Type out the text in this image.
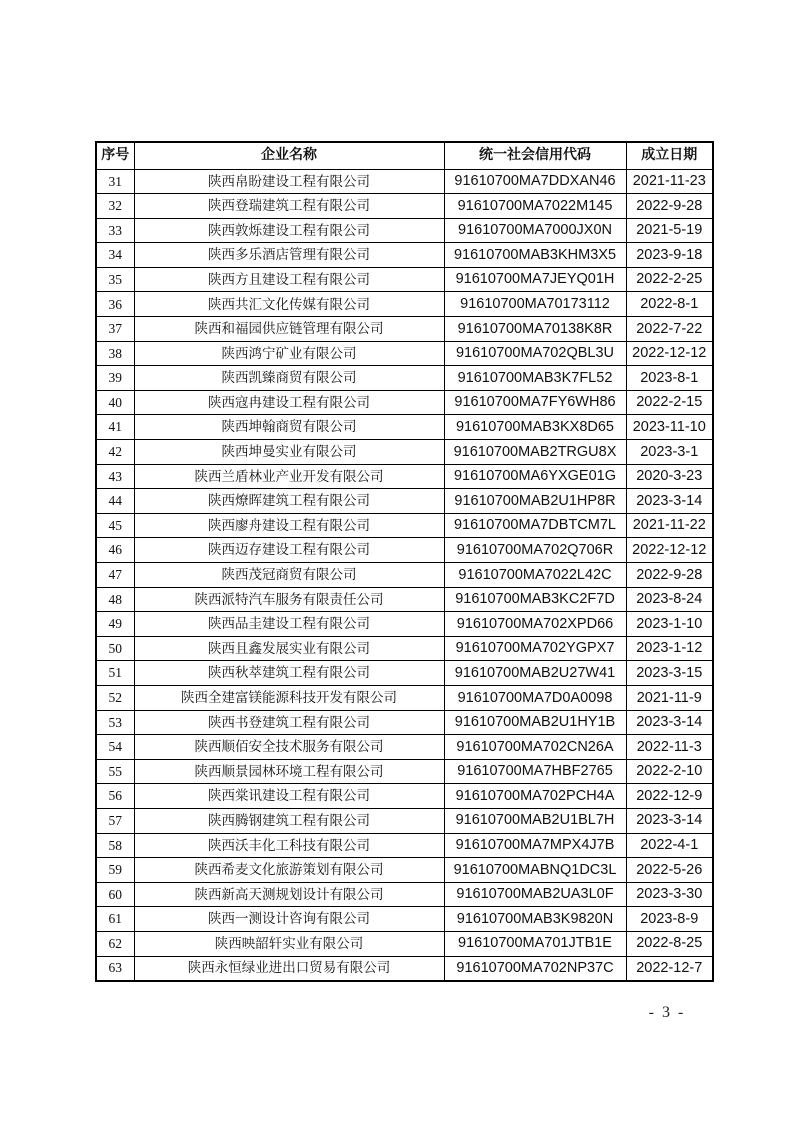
序号	企业名称	统一社会信用代码	成立日期
31	陕西帛盼建设工程有限公司	91610700MA7DDXAN46	2021-11-23
32	陕西登瑞建筑工程有限公司	91610700MA7022M145	2022-9-28
33	陕西敦烁建设工程有限公司	91610700MA7000JX0N	2021-5-19
34	陕西多乐酒店管理有限公司	91610700MAB3KHM3X5	2023-9-18
35	陕西方且建设工程有限公司	91610700MA7JEYQ01H	2022-2-25
36	陕西共汇文化传媒有限公司	91610700MA70173112	2022-8-1
37	陕西和福园供应链管理有限公司	91610700MA70138K8R	2022-7-22
38	陕西鸿宁矿业有限公司	91610700MA702QBL3U	2022-12-12
39	陕西凯臻商贸有限公司	91610700MAB3K7FL52	2023-8-1
40	陕西寇冉建设工程有限公司	91610700MA7FY6WH86	2022-2-15
41	陕西坤翰商贸有限公司	91610700MAB3KX8D65	2023-11-10
42	陕西坤曼实业有限公司	91610700MAB2TRGU8X	2023-3-1
43	陕西兰盾林业产业开发有限公司	91610700MA6YXGE01G	2020-3-23
44	陕西燎晖建筑工程有限公司	91610700MAB2U1HP8R	2023-3-14
45	陕西廖舟建设工程有限公司	91610700MA7DBTCM7L	2021-11-22
46	陕西迈存建设工程有限公司	91610700MA702Q706R	2022-12-12
47	陕西茂冠商贸有限公司	91610700MA7022L42C	2022-9-28
48	陕西派特汽车服务有限责任公司	91610700MAB3KC2F7D	2023-8-24
49	陕西品圭建设工程有限公司	91610700MA702XPD66	2023-1-10
50	陕西且鑫发展实业有限公司	91610700MA702YGPX7	2023-1-12
51	陕西秋萃建筑工程有限公司	91610700MAB2U27W41	2023-3-15
52	陕西全建富镁能源科技开发有限公司	91610700MA7D0A0098	2021-11-9
53	陕西书登建筑工程有限公司	91610700MAB2U1HY1B	2023-3-14
54	陕西顺佰安全技术服务有限公司	91610700MA702CN26A	2022-11-3
55	陕西顺景园林环境工程有限公司	91610700MA7HBF2765	2022-2-10
56	陕西棠讯建设工程有限公司	91610700MA702PCH4A	2022-12-9
57	陕西腾钢建筑工程有限公司	91610700MAB2U1BL7H	2023-3-14
58	陕西沃丰化工科技有限公司	91610700MA7MPX4J7B	2022-4-1
59	陕西希麦文化旅游策划有限公司	91610700MABNQ1DC3L	2022-5-26
60	陕西新高天测规划设计有限公司	91610700MAB2UA3L0F	2023-3-30
61	陕西一测设计咨询有限公司	91610700MAB3K9820N	2023-8-9
62	陕西映韶轩实业有限公司	91610700MA701JTB1E	2022-8-25
63	陕西永恒绿业进出口贸易有限公司	91610700MA702NP37C	2022-12-7
- 3 -
